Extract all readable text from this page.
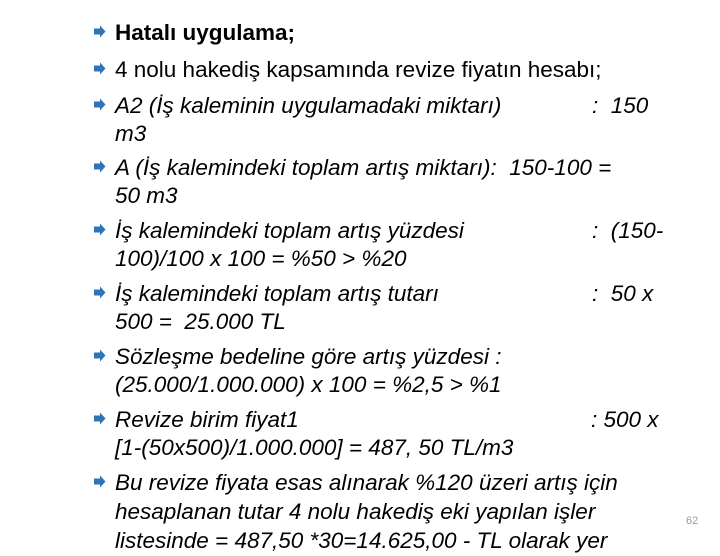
Hatalı uygulama;
4 nolu hakediş kapsamında revize fiyatın hesabı;
A2 (İş kaleminin uygulamadaki miktarı)	:  150
m3
A (İş kalemindeki toplam artış miktarı):  150-100 =
50 m3
İş kalemindeki toplam artış yüzdesi	:  (150-
100)/100 x 100 = %50 > %20
İş kalemindeki toplam artış tutarı	:  50 x
500 =  25.000 TL
Sözleşme bedeline göre artış yüzdesi :
(25.000/1.000.000) x 100 = %2,5 > %1
Revize birim fiyat1	: 500 x
[1-(50x500)/1.000.000] = 487, 50 TL/m3
Bu revize fiyata esas alınarak %120 üzeri artış için
hesaplanan tutar 4 nolu hakediş eki yapılan işler
listesinde = 487,50 *30=14.625,00 - TL olarak yer
62
